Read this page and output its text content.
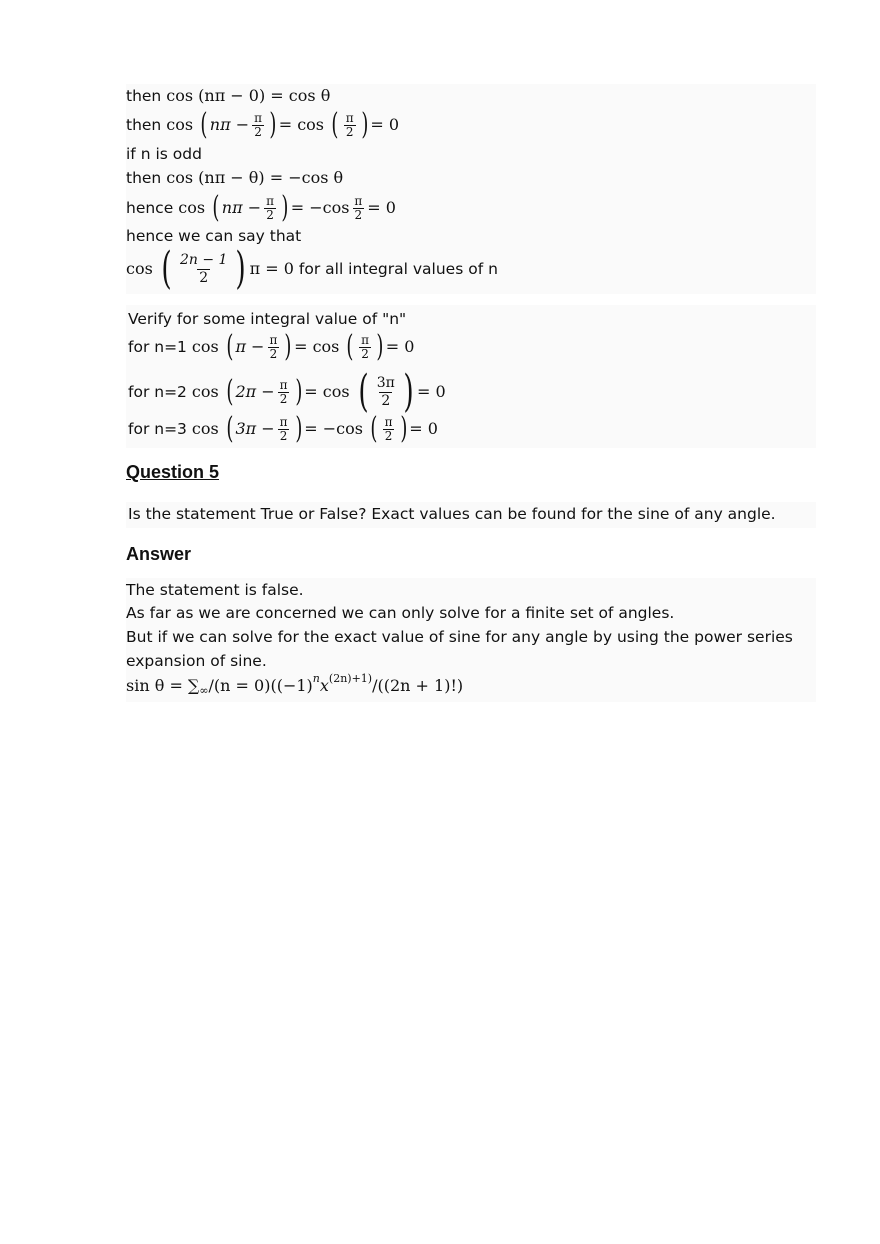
then cos (nπ − 0) = cos θ
then cos ( $n\pi - \frac{\pi}{2}$ ) = cos ( $\frac{\pi}{2}$ ) = 0
if n is odd
then cos (nπ − θ) = −cos θ
hence cos ( $n\pi - \frac{\pi}{2}$ ) = $-\cos \frac{\pi}{2} = 0$
hence we can say that
cos ( $\frac{2n - 1}{2}$ ) π = 0 for all integral values of n
Verify for some integral value of "n"
for n=1 cos ( $\pi - \frac{\pi}{2}$ ) = cos ( $\frac{\pi}{2}$ ) = 0
for n=2 cos ( $2\pi - \frac{\pi}{2}$ ) = cos ( $\frac{3\pi}{2}$ ) = 0
for n=3 cos ( $3\pi - \frac{\pi}{2}$ ) = −cos ( $\frac{\pi}{2}$ ) = 0
Question 5
Is the statement True or False? Exact values can be found for the sine of any angle.
Answer
The statement is false.
As far as we are concerned we can only solve for a finite set of angles.
But if we can solve for the exact value of sine for any angle by using the power series
expansion of sine.
sin θ = ∑ ∞ /(n = 0)((−1) n x (2n)+1) /((2n + 1)!)
